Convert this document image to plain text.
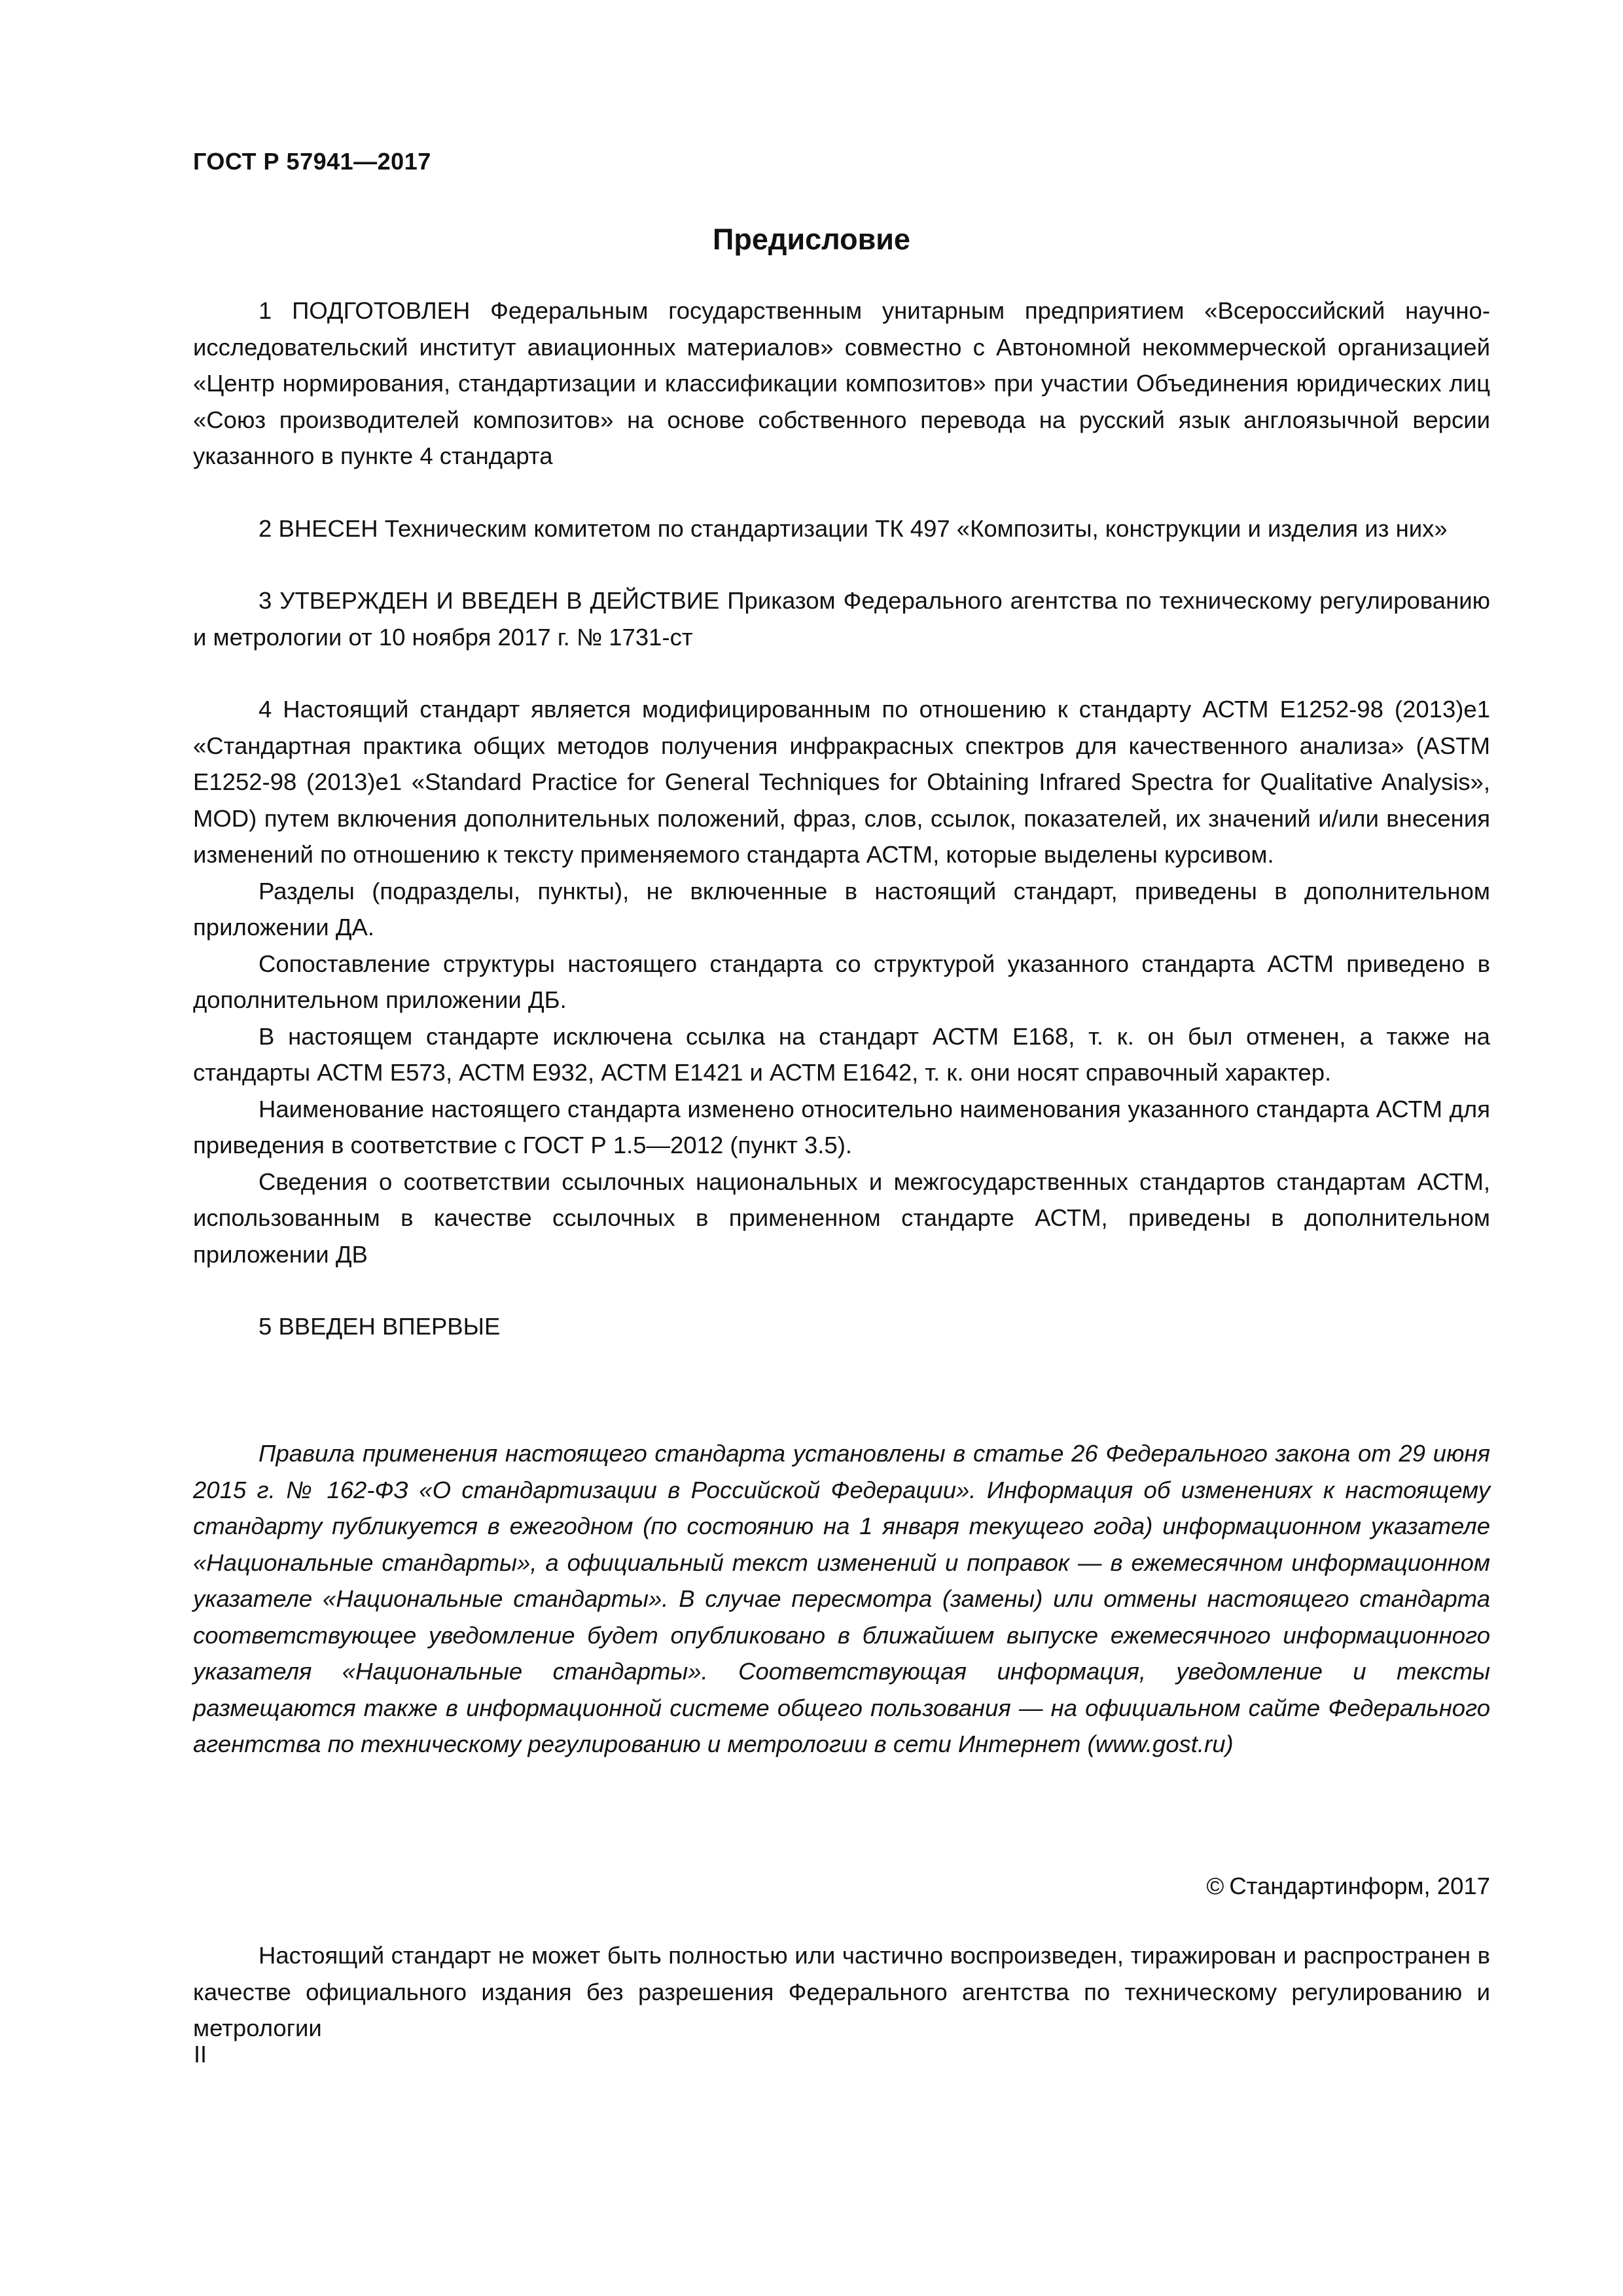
ГОСТ Р 57941—2017

Предисловие

1 ПОДГОТОВЛЕН Федеральным государственным унитарным предприятием «Всероссийский научно-исследовательский институт авиационных материалов» совместно с Автономной некоммерческой организацией «Центр нормирования, стандартизации и классификации композитов» при участии Объединения юридических лиц «Союз производителей композитов» на основе собственного перевода на русский язык англоязычной версии указанного в пункте 4 стандарта

2 ВНЕСЕН Техническим комитетом по стандартизации ТК 497 «Композиты, конструкции и изделия из них»

3 УТВЕРЖДЕН И ВВЕДЕН В ДЕЙСТВИЕ Приказом Федерального агентства по техническому регулированию и метрологии от 10 ноября 2017 г. № 1731-ст

4 Настоящий стандарт является модифицированным по отношению к стандарту АСТМ Е1252-98 (2013)е1 «Стандартная практика общих методов получения инфракрасных спектров для качественного анализа» (ASTM E1252-98 (2013)e1 «Standard Practice for General Techniques for Obtaining Infrared Spectra for Qualitative Analysis», MOD) путем включения дополнительных положений, фраз, слов, ссылок, показателей, их значений и/или внесения изменений по отношению к тексту применяемого стандарта АСТМ, которые выделены курсивом.

Разделы (подразделы, пункты), не включенные в настоящий стандарт, приведены в дополнительном приложении ДА.

Сопоставление структуры настоящего стандарта со структурой указанного стандарта АСТМ приведено в дополнительном приложении ДБ.

В настоящем стандарте исключена ссылка на стандарт АСТМ Е168, т. к. он был отменен, а также на стандарты АСТМ Е573, АСТМ Е932, АСТМ Е1421 и АСТМ Е1642, т. к. они носят справочный характер.

Наименование настоящего стандарта изменено относительно наименования указанного стандарта АСТМ для приведения в соответствие с ГОСТ Р 1.5—2012 (пункт 3.5).

Сведения о соответствии ссылочных национальных и межгосударственных стандартов стандартам АСТМ, использованным в качестве ссылочных в примененном стандарте АСТМ, приведены в дополнительном приложении ДВ

5 ВВЕДЕН ВПЕРВЫЕ

Правила применения настоящего стандарта установлены в статье 26 Федерального закона от 29 июня 2015 г. № 162-ФЗ «О стандартизации в Российской Федерации». Информация об изменениях к настоящему стандарту публикуется в ежегодном (по состоянию на 1 января текущего года) информационном указателе «Национальные стандарты», а официальный текст изменений и поправок — в ежемесячном информационном указателе «Национальные стандарты». В случае пересмотра (замены) или отмены настоящего стандарта соответствующее уведомление будет опубликовано в ближайшем выпуске ежемесячного информационного указателя «Национальные стандарты». Соответствующая информация, уведомление и тексты размещаются также в информационной системе общего пользования — на официальном сайте Федерального агентства по техническому регулированию и метрологии в сети Интернет (www.gost.ru)

© Стандартинформ, 2017

Настоящий стандарт не может быть полностью или частично воспроизведен, тиражирован и распространен в качестве официального издания без разрешения Федерального агентства по техническому регулированию и метрологии

II
